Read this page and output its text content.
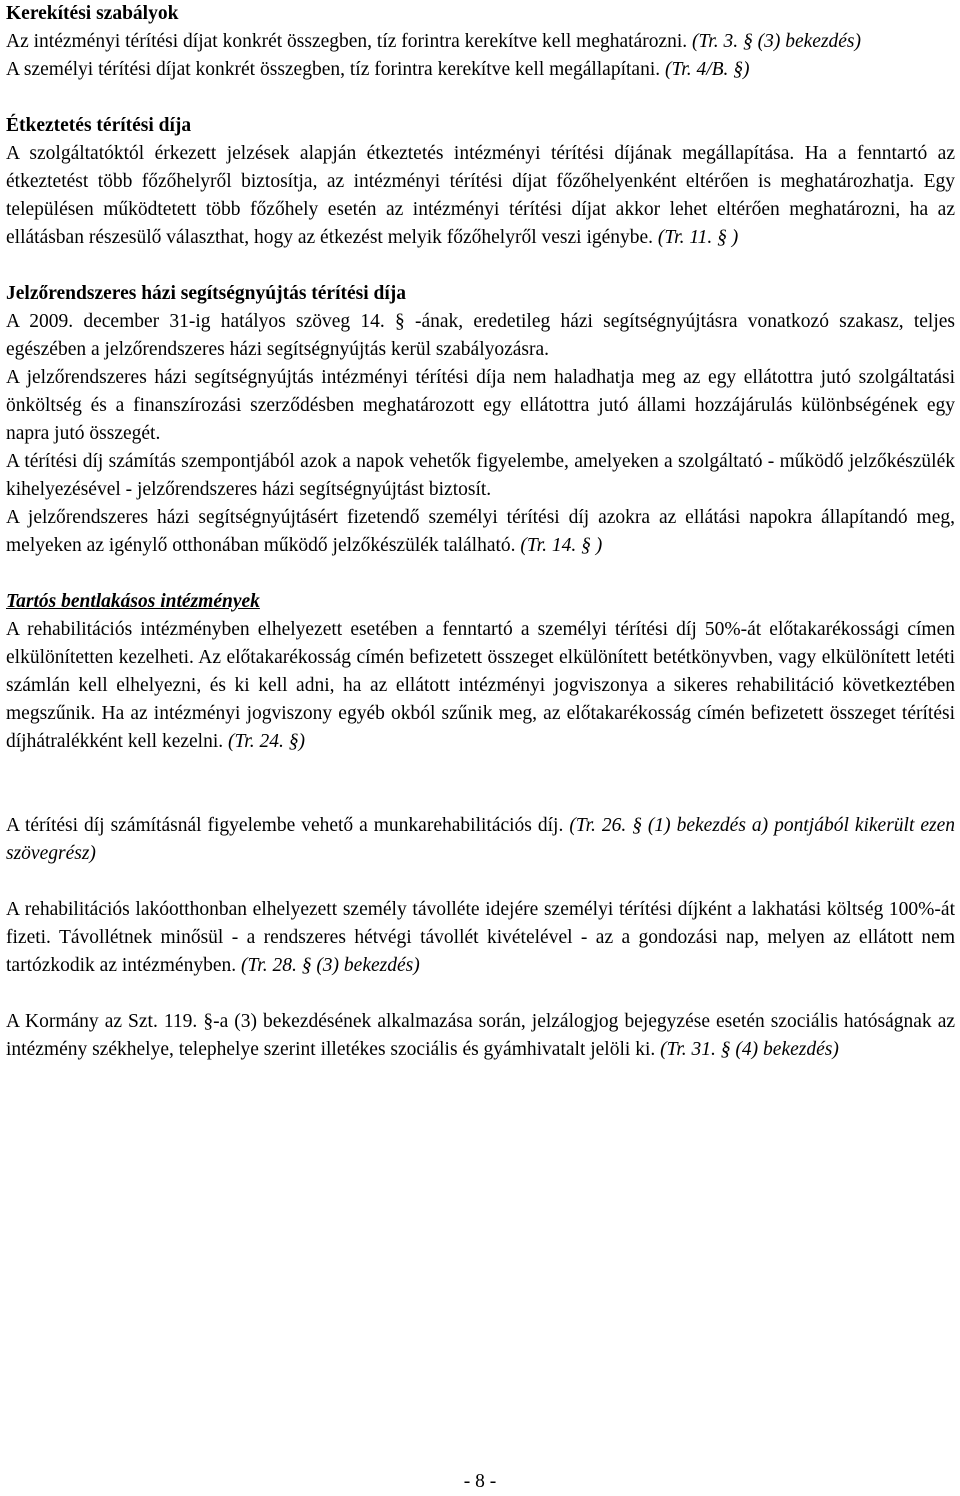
Kerekítési szabályok

Az intézményi térítési díjat konkrét összegben, tíz forintra kerekítve kell meghatározni. (Tr. 3. § (3) bekezdés)

A személyi térítési díjat konkrét összegben, tíz forintra kerekítve kell megállapítani. (Tr. 4/B. §)

Étkeztetés térítési díja

A szolgáltatóktól érkezett jelzések alapján étkeztetés intézményi térítési díjának megállapítása. Ha a fenntartó az étkeztetést több főzőhelyről biztosítja, az intézményi térítési díjat főzőhelyenként eltérően is meghatározhatja. Egy településen működtetett több főzőhely esetén az intézményi térítési díjat akkor lehet eltérően meghatározni, ha az ellátásban részesülő választhat, hogy az étkezést melyik főzőhelyről veszi igénybe. (Tr. 11. § )

Jelzőrendszeres házi segítségnyújtás térítési díja

A 2009. december 31-ig hatályos szöveg 14. § -ának, eredetileg házi segítségnyújtásra vonatkozó szakasz, teljes egészében a jelzőrendszeres házi segítségnyújtás kerül szabályozásra.

A jelzőrendszeres házi segítségnyújtás intézményi térítési díja nem haladhatja meg az egy ellátottra jutó szolgáltatási önköltség és a finanszírozási szerződésben meghatározott egy ellátottra jutó állami hozzájárulás különbségének egy napra jutó összegét.

A térítési díj számítás szempontjából azok a napok vehetők figyelembe, amelyeken a szolgáltató - működő jelzőkészülék kihelyezésével - jelzőrendszeres házi segítségnyújtást biztosít.

A jelzőrendszeres házi segítségnyújtásért fizetendő személyi térítési díj azokra az ellátási napokra állapítandó meg, melyeken az igénylő otthonában működő jelzőkészülék található. (Tr. 14. § )

Tartós bentlakásos intézmények

A rehabilitációs intézményben elhelyezett esetében a fenntartó a személyi térítési díj 50%-át előtakarékossági címen elkülönítetten kezelheti. Az előtakarékosság címén befizetett összeget elkülönített betétkönyvben, vagy elkülönített letéti számlán kell elhelyezni, és ki kell adni, ha az ellátott intézményi jogviszonya a sikeres rehabilitáció következtében megszűnik. Ha az intézményi jogviszony egyéb okból szűnik meg, az előtakarékosság címén befizetett összeget térítési díjhátralékként kell kezelni. (Tr. 24. §)

A térítési díj számításnál figyelembe vehető a munkarehabilitációs díj. (Tr. 26. § (1) bekezdés a) pontjából kikerült ezen szövegrész)

A rehabilitációs lakóotthonban elhelyezett személy távolléte idejére személyi térítési díjként a lakhatási költség 100%-át fizeti. Távollétnek minősül - a rendszeres hétvégi távollét kivételével - az a gondozási nap, melyen az ellátott nem tartózkodik az intézményben. (Tr. 28. § (3) bekezdés)

A Kormány az Szt. 119. §-a (3) bekezdésének alkalmazása során, jelzálogjog bejegyzése esetén szociális hatóságnak az intézmény székhelye, telephelye szerint illetékes szociális és gyámhivatalt jelöli ki. (Tr. 31. § (4) bekezdés)

- 8 -
